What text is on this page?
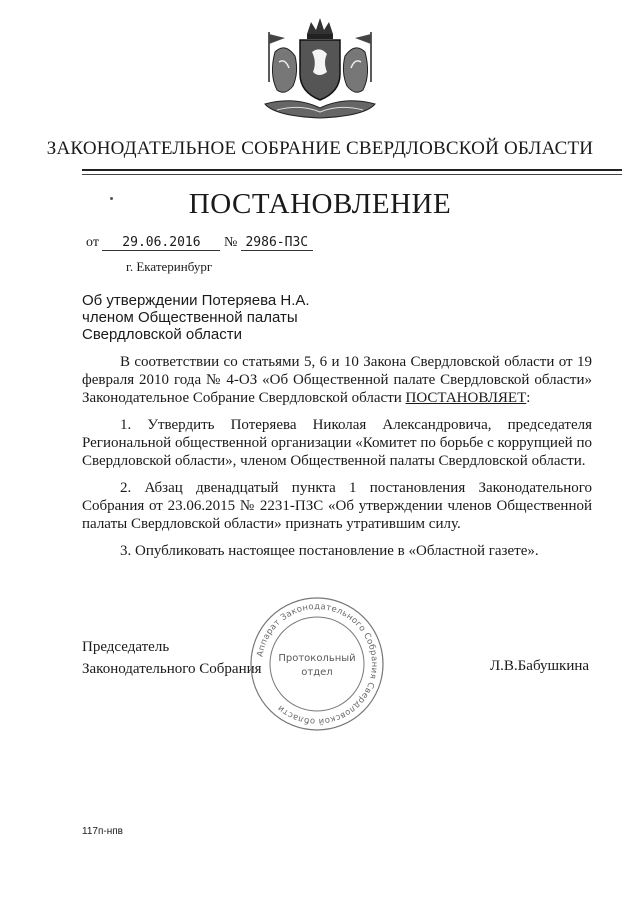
ЗАКОНОДАТЕЛЬНОЕ СОБРАНИЕ СВЕРДЛОВСКОЙ ОБЛАСТИ
ПОСТАНОВЛЕНИЕ
от 29.06.2016 № 2986-ПЗС
г. Екатеринбург
Об утверждении Потеряева Н.А.
членом Общественной палаты
Свердловской области

В соответствии со статьями 5, 6 и 10 Закона Свердловской области от 19 февраля 2010 года № 4-ОЗ «Об Общественной палате Свердловской области» Законодательное Собрание Свердловской области ПОСТАНОВЛЯЕТ:

1. Утвердить Потеряева Николая Александровича, председателя Региональной общественной организации «Комитет по борьбе с коррупцией по Свердловской области», членом Общественной палаты Свердловской области.

2. Абзац двенадцатый пункта 1 постановления Законодательного Собрания от 23.06.2015 № 2231-ПЗС «Об утверждении членов Общественной палаты Свердловской области» признать утратившим силу.

3. Опубликовать настоящее постановление в «Областной газете».

Председатель
Законодательного Собрания	Л.В.Бабушкина
Аппарат Законодательного Собрания Свердловской области
Протокольный
отдел
117п-нпв
